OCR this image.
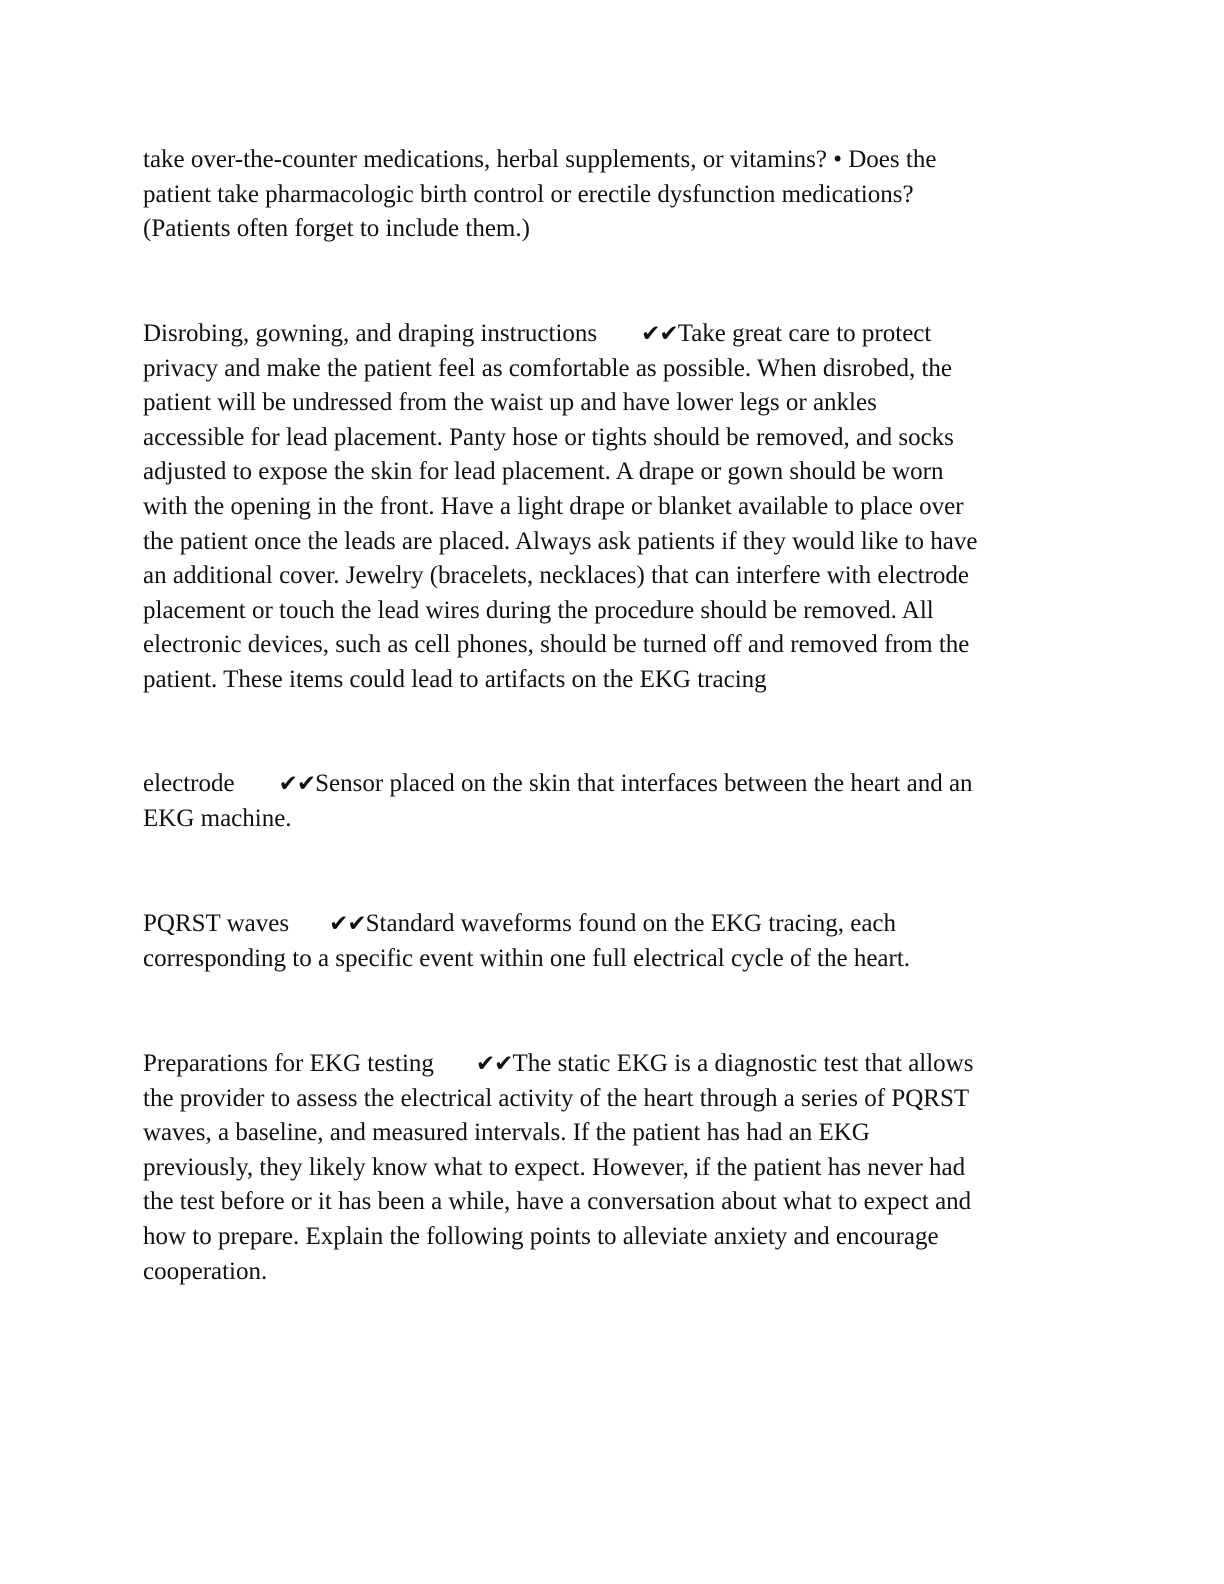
take over-the-counter medications, herbal supplements, or vitamins? • Does the
patient take pharmacologic birth control or erectile dysfunction medications?
(Patients often forget to include them.)
Disrobing, gowning, and draping instructions ✔✔Take great care to protect
privacy and make the patient feel as comfortable as possible. When disrobed, the
patient will be undressed from the waist up and have lower legs or ankles
accessible for lead placement. Panty hose or tights should be removed, and socks
adjusted to expose the skin for lead placement. A drape or gown should be worn
with the opening in the front. Have a light drape or blanket available to place over
the patient once the leads are placed. Always ask patients if they would like to have
an additional cover. Jewelry (bracelets, necklaces) that can interfere with electrode
placement or touch the lead wires during the procedure should be removed. All
electronic devices, such as cell phones, should be turned off and removed from the
patient. These items could lead to artifacts on the EKG tracing
electrode ✔✔Sensor placed on the skin that interfaces between the heart and an
EKG machine.
PQRST waves ✔✔Standard waveforms found on the EKG tracing, each
corresponding to a specific event within one full electrical cycle of the heart.
Preparations for EKG testing ✔✔The static EKG is a diagnostic test that allows
the provider to assess the electrical activity of the heart through a series of PQRST
waves, a baseline, and measured intervals. If the patient has had an EKG
previously, they likely know what to expect. However, if the patient has never had
the test before or it has been a while, have a conversation about what to expect and
how to prepare. Explain the following points to alleviate anxiety and encourage
cooperation.
